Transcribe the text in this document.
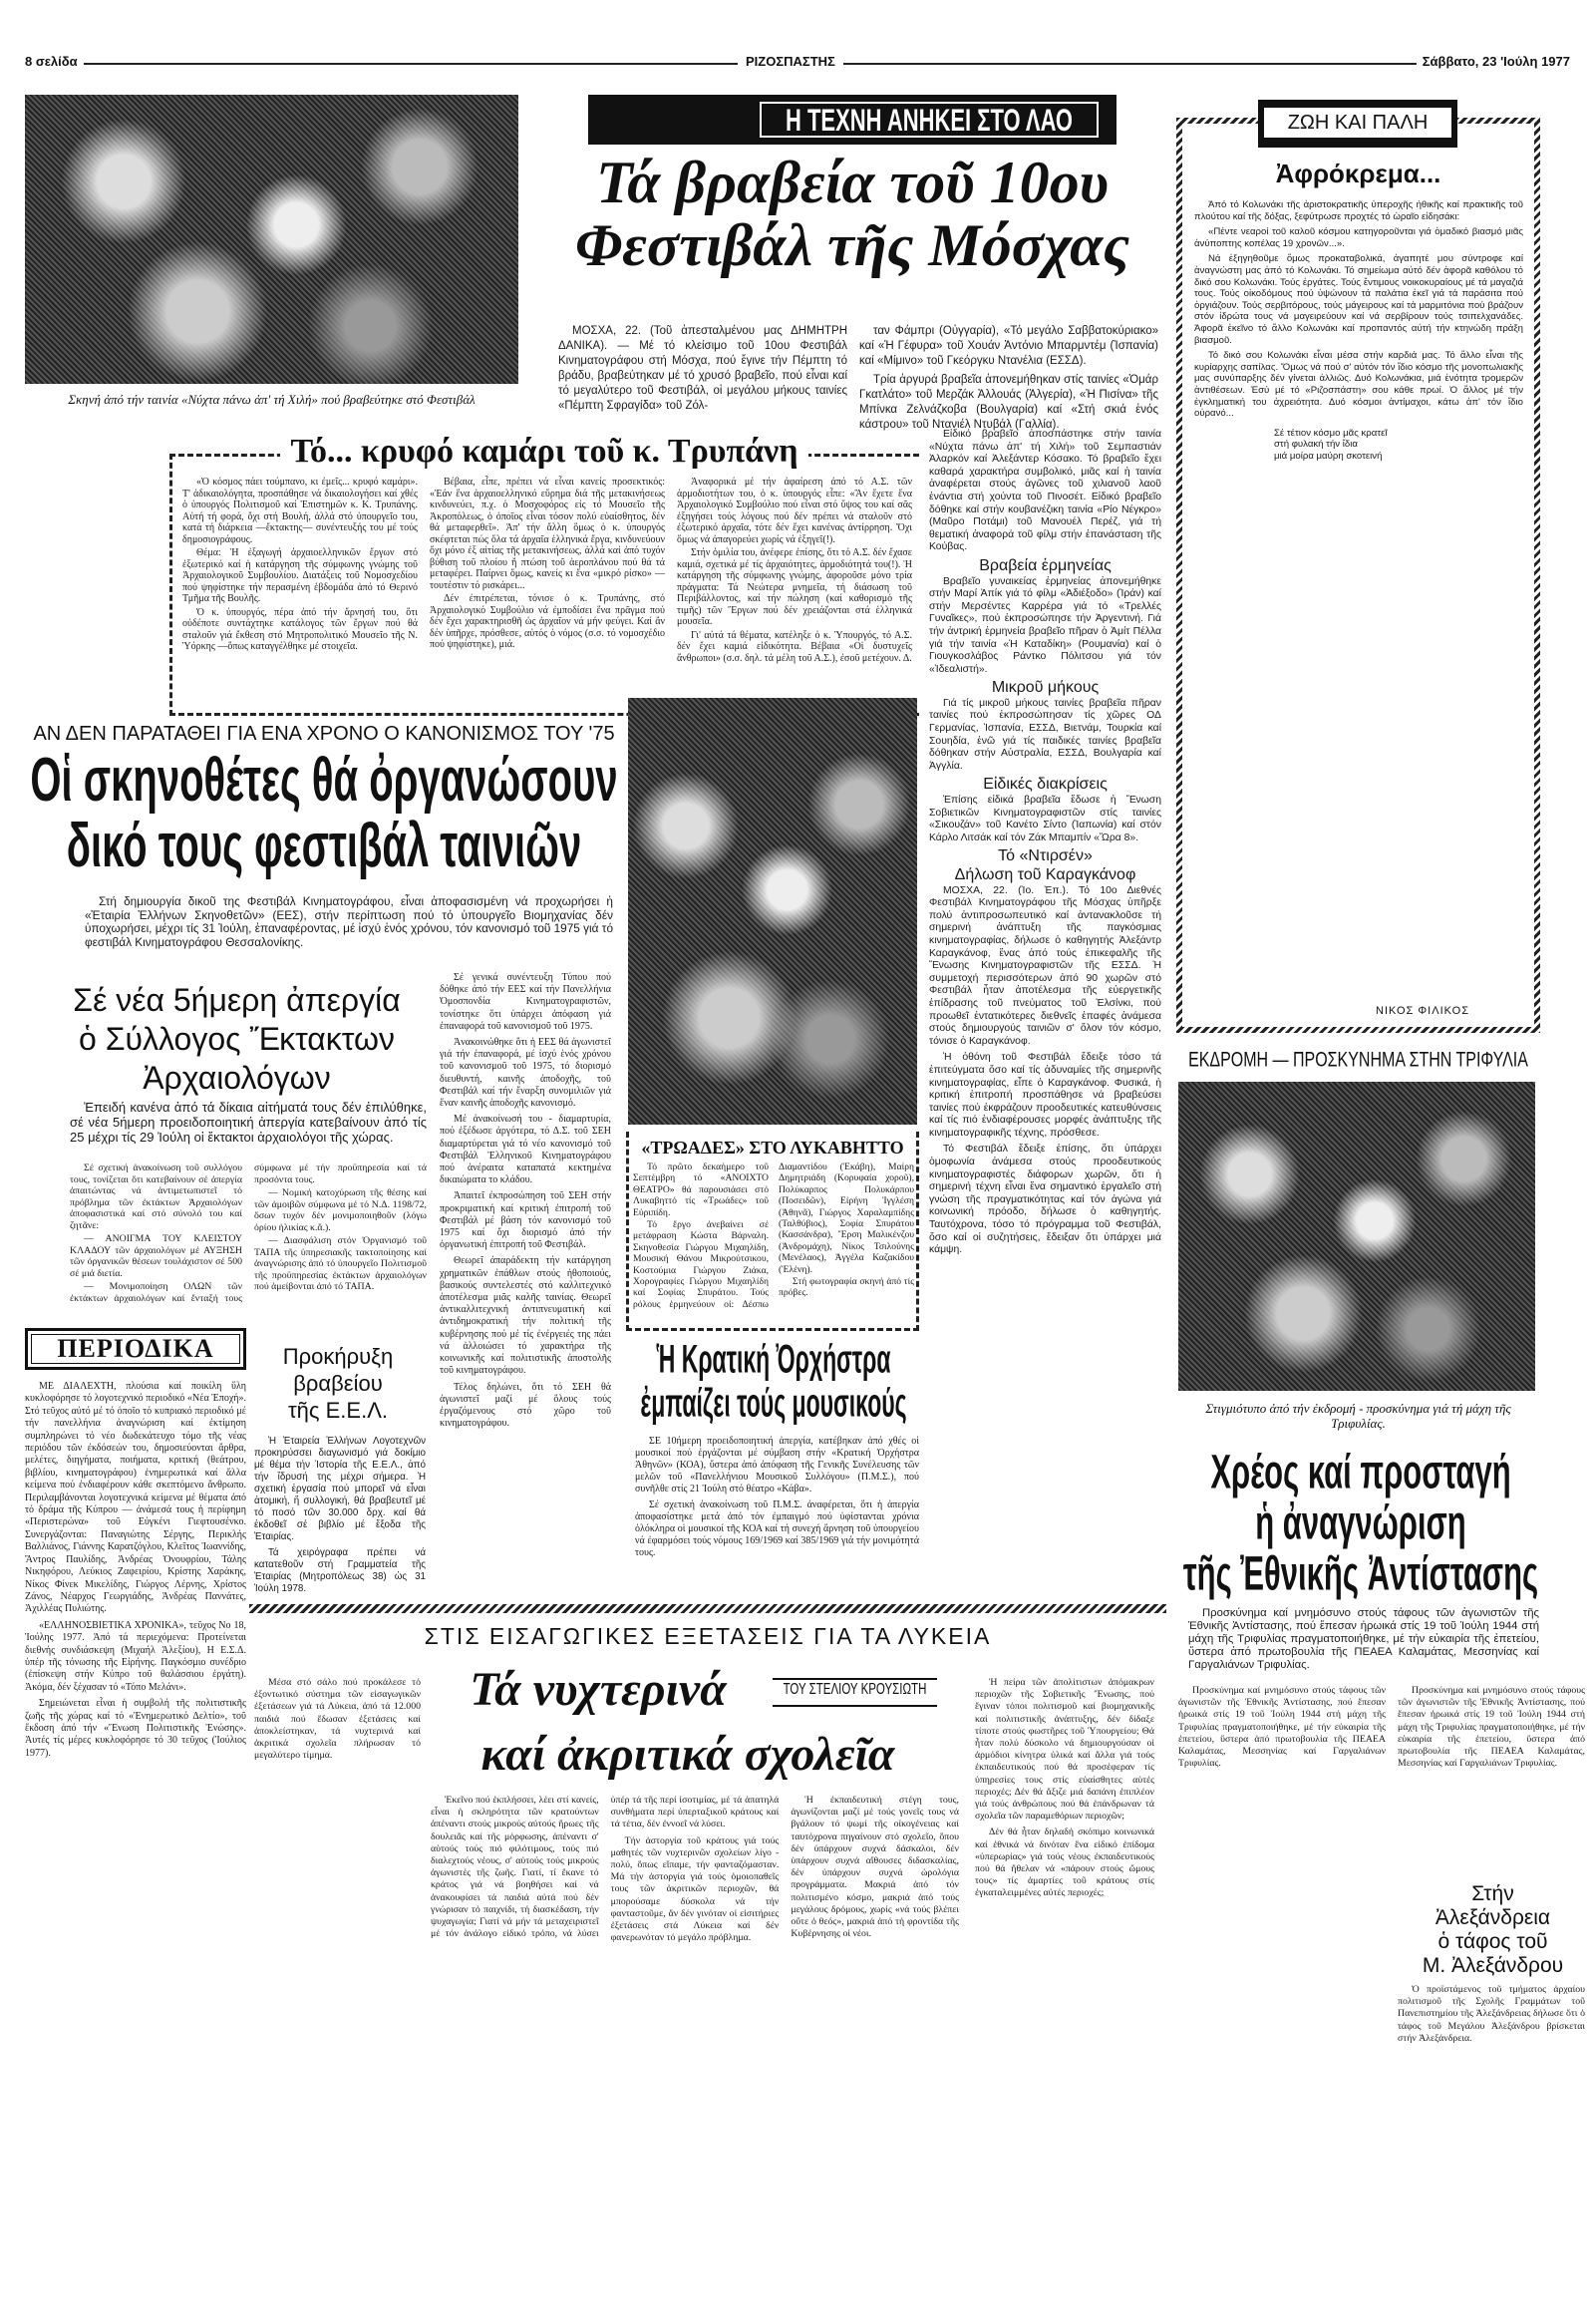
8 σελίδα	ΡΙΖΟΣΠΑΣΤΗΣ	Σάββατο, 23 'Ιούλη 1977
Σκηνή ἀπό τήν ταινία «Νύχτα πάνω ἀπ' τή Χιλή» πού βραβεύτηκε στό Φεστιβάλ
Η ΤΕΧΝΗ ΑΝΗΚΕΙ ΣΤΟ ΛΑΟ
Τά βραβεία τοῦ 10ου
Φεστιβάλ τῆς Μόσχας

ΜΟΣΧΑ, 22. (Τοῦ ἀπεσταλμένου μας ΔΗΜΗΤΡΗ ΔΑΝΙΚΑ). — Μέ τό κλείσιμο τοῦ 10ου Φεστιβάλ Κινηματογράφου στή Μόσχα, πού ἔγινε τήν Πέμπτη τό βράδυ, βραβεύτηκαν μέ τό χρυσό βραβεῖο, πού εἶναι καί τό μεγαλύτερο τοῦ Φεστιβάλ, οἱ μεγάλου μήκους ταινίες «Πέμπτη Σφραγίδα» τοῦ Ζόλ-

ταν Φάμπρι (Οὐγγαρία), «Τό μεγάλο Σαββατοκύριακο» καί «Ἡ Γέφυρα» τοῦ Χουάν Ἀντόνιο Μπαρμντέμ (Ἰσπανία) καί «Μίμινο» τοῦ Γκεόργκυ Ντανέλια (ΕΣΣΔ).

Τρία ἀργυρά βραβεῖα ἀπονεμήθηκαν στίς ταινίες «Ὀμάρ Γκατλάτο» τοῦ Μερζάκ Ἀλλουάς (Ἀλγερία), «Ἡ Πισίνα» τῆς Μπίνκα Ζελνάζκοβα (Βουλγαρία) καί «Στή σκιά ἑνός κάστρου» τοῦ Ντανιέλ Ντυβάλ (Γαλλία).

Εἰδικό βραβεῖο ἀποσπάστηκε στήν ταινία «Νύχτα πάνω ἀπ' τή Χιλή» τοῦ Σεμπαστιάν Ἀλαρκόν καί Ἀλεξάντερ Κόσακο. Τό βραβεῖο ἔχει καθαρά χαρακτήρα συμβολικό, μιᾶς καί ἡ ταινία ἀναφέρεται στούς ἀγῶνες τοῦ χιλιανοῦ λαοῦ ἐνάντια στή χούντα τοῦ Πινοσέτ. Εἰδικό βραβεῖο δόθηκε καί στήν κουβανέζικη ταινία «Ρίο Νέγκρο» (Μαῦρο Ποτάμι) τοῦ Μανουέλ Περέζ, γιά τή θεματική ἀναφορά τοῦ φίλμ στήν ἐπανάσταση τῆς Κούβας.

Βραβεία ἑρμηνείας

Βραβεῖο γυναικείας ἑρμηνείας ἀπονεμήθηκε στήν Μαρί Ἀπίκ γιά τό φίλμ «Ἀδιέξοδο» (Ἰράν) καί στήν Μερσέντες Καρρέρα γιά τό «Τρελλές Γυναῖκες», πού ἐκπροσώπησε τήν Ἀργεντινή. Γιά τήν ἀντρική ἑρμηνεία βραβεῖο πῆραν ὁ Ἀμίτ Πέλλα γιά τήν ταινία «Ἡ Καταδίκη» (Ρουμανία) καί ὁ Γιουγκοσλάβος Ράντκο Πόλιτσου γιά τόν «Ἰδεαλιστή».

Μικροῦ μήκους

Γιά τίς μικροῦ μήκους ταινίες βραβεῖα πῆραν ταινίες πού ἐκπροσώπησαν τίς χῶρες ΟΔ Γερμανίας, Ἰσπανία, ΕΣΣΔ, Βιετνάμ, Τουρκία καί Σουηδία, ἐνῶ γιά τίς παιδικές ταινίες βραβεῖα δόθηκαν στήν Αὐστραλία, ΕΣΣΔ, Βουλγαρία καί Ἀγγλία.

Εἰδικές διακρίσεις

Ἐπίσης εἰδικά βραβεῖα ἔδωσε ἡ Ἕνωση Σοβιετικῶν Κινηματογραφιστῶν στίς ταινίες «Σικουζάν» τοῦ Κανέτο Σίντο (Ἰαπωνία) καί στόν Κάρλο Λιτσάκ καί τόν Ζάκ Μπαμπίν «Ὥρα 8».

Τό «Ντιρσέν»
Δήλωση τοῦ Καραγκάνοφ

ΜΟΣΧΑ, 22. (Ἰο. Ἐπ.). Τό 10ο Διεθνές Φεστιβάλ Κινηματογράφου τῆς Μόσχας ὑπῆρξε πολύ ἀντιπροσωπευτικό καί ἀντανακλοῦσε τή σημερινή ἀνάπτυξη τῆς παγκόσμιας κινηματογραφίας, δήλωσε ὁ καθηγητής Ἀλεξάντρ Καραγκάνοφ, ἕνας ἀπό τούς ἐπικεφαλῆς τῆς Ἕνωσης Κινηματογραφιστῶν τῆς ΕΣΣΔ. Ἡ συμμετοχή περισσότερων ἀπό 90 χωρῶν στό Φεστιβάλ ἦταν ἀποτέλεσμα τῆς εὐεργετικῆς ἐπίδρασης τοῦ πνεύματος τοῦ Ἑλσίνκι, πού προωθεῖ ἐντατικότερες διεθνεῖς ἐπαφές ἀνάμεσα στούς δημιουργούς ταινιῶν σ' ὅλον τόν κόσμο, τόνισε ὁ Καραγκάνοφ.

Ἡ ὀθόνη τοῦ Φεστιβάλ ἔδειξε τόσο τά ἐπιτεύγματα ὅσο καί τίς ἀδυναμίες τῆς σημερινῆς κινηματογραφίας, εἶπε ὁ Καραγκάνοφ. Φυσικά, ἡ κριτική ἐπιτροπή προσπάθησε νά βραβεύσει ταινίες πού ἐκφράζουν προοδευτικές κατευθύνσεις καί τίς πιό ἐνδιαφέρουσες μορφές ἀνάπτυξης τῆς κινηματογραφικῆς τέχνης, πρόσθεσε.

Τό Φεστιβάλ ἔδειξε ἐπίσης, ὅτι ὑπάρχει ὁμοφωνία ἀνάμεσα στούς προοδευτικούς κινηματογραφιστές διάφορων χωρῶν, ὅτι ἡ σημερινή τέχνη εἶναι ἕνα σημαντικό ἐργαλεῖο στή γνώση τῆς πραγματικότητας καί τόν ἀγώνα γιά κοινωνική πρόοδο, δήλωσε ὁ καθηγητής. Ταυτόχρονα, τόσο τό πρόγραμμα τοῦ Φεστιβάλ, ὅσο καί οἱ συζητήσεις, ἔδειξαν ὅτι ὑπάρχει μιά κάμψη.

Τό... κρυφό καμάρι τοῦ κ. Τρυπάνη

«Ὁ κόσμος πάει τούμπανο, κι ἐμεῖς... κρυφό καμάρι». Τ' ἀδικαιολόγητα, προσπάθησε νά δικαιολογήσει καί χθές ὁ ὑπουργός Πολιτισμοῦ καί Ἐπιστημῶν κ. Κ. Τρυπάνης. Αὐτή τή φορά, ὄχι στή Βουλή, ἀλλά στό ὑπουργεῖο του, κατά τή διάρκεια —ἔκτακτης— συνέντευξής του μέ τούς δημοσιογράφους.

Θέμα: Ἡ ἐξαγωγή ἀρχαιοελληνικῶν ἔργων στό ἐξωτερικό καί ἡ κατάργηση τῆς σύμφωνης γνώμης τοῦ Ἀρχαιολογικοῦ Συμβουλίου. Διατάξεις τοῦ Νομοσχεδίου πού ψηφίστηκε τήν περασμένη ἑβδομάδα ἀπό τό Θερινό Τμῆμα τῆς Βουλῆς.

Ὁ κ. ὑπουργός, πέρα ἀπό τήν ἄρνησή του, ὅτι οὐδέποτε συντάχτηκε κατάλογος τῶν ἔργων πού θά σταλοῦν γιά ἔκθεση στό Μητροπολιτικό Μουσεῖο τῆς Ν. Ὑόρκης —ὅπως καταγγέλθηκε μέ στοιχεῖα.

Βέβαια, εἶπε, πρέπει νά εἶναι κανείς προσεκτικός: «Ἐάν ἕνα ἀρχαιοελληνικό εὕρημα διά τῆς μετακινήσεως κινδυνεύει, π.χ. ὁ Μοσχοφόρος εἰς τό Μουσεῖο τῆς Ἀκροπόλεως, ὁ ὁποῖος εἶναι τόσον πολύ εὐαίσθητος, δέν θά μεταφερθεῖ». Ἀπ' τήν ἄλλη ὅμως ὁ κ. ὑπουργός σκέφτεται πώς ὅλα τά ἀρχαῖα ἑλληνικά ἔργα, κινδυνεύουν ὄχι μόνο ἐξ αἰτίας τῆς μετακινήσεως, ἀλλά καί ἀπό τυχόν βύθιση τοῦ πλοίου ἤ πτώση τοῦ ἀεροπλάνου πού θά τά μεταφέρει. Παίρνει ὅμως, κανείς κι ἕνα «μικρό ρίσκο» — τουτέστιν τό ρισκάρει...

Δέν ἐπιτρέπεται, τόνισε ὁ κ. Τρυπάνης, στό Ἀρχαιολογικό Συμβούλιο νά ἐμποδίσει ἕνα πρᾶγμα πού δέν ἔχει χαρακτηρισθῆ ὡς ἀρχαῖον νά μήν φεύγει. Καί ἄν δέν ὑπῆρχε, πρόσθεσε, αὐτός ὁ νόμος (σ.σ. τό νομοσχέδιο πού ψηφίστηκε), μιά.

Ἀναφορικά μέ τήν ἀφαίρεση ἀπό τό Α.Σ. τῶν ἁρμοδιοτήτων του, ὁ κ. ὑπουργός εἶπε: «Ἄν ἔχετε ἕνα Ἀρχαιολογικό Συμβούλιο πού εἶναι στό ὕψος του καί σᾶς ἐξηγήσει τούς λόγους πού δέν πρέπει νά σταλοῦν στό ἐξωτερικό ἀρχαῖα, τότε δέν ἔχει κανένας ἀντίρρηση. Ὄχι ὅμως νά ἀπαγορεύει χωρίς νά ἐξηγεῖ(!).

Στήν ὁμιλία του, ἀνέφερε ἐπίσης, ὅτι τό Α.Σ. δέν ἔχασε καμιά, σχετικά μέ τίς ἀρχαιότητες, ἁρμοδιότητά του(!). Ἡ κατάργηση τῆς σύμφωνης γνώμης, ἀφοροῦσε μόνο τρία πράγματα: Τά Νεώτερα μνημεῖα, τή διάσωση τοῦ Περιβάλλοντος, καί τήν πώληση (καί καθορισμό τῆς τιμῆς) τῶν Ἔργων πού δέν χρειάζονται στά ἑλληνικά μουσεῖα.

Γι' αὐτά τά θέματα, κατέληξε ὁ κ. Ὑπουργός, τό Α.Σ. δέν ἔχει καμιά εἰδικότητα. Βέβαια «Οἱ δυστυχεῖς ἄνθρωποι» (σ.σ. δηλ. τά μέλη τοῦ Α.Σ.), ἐσοῦ μετέχουν. Δ.

ΑΝ ΔΕΝ ΠΑΡΑΤΑΘΕΙ ΓΙΑ ΕΝΑ ΧΡΟΝΟ Ο ΚΑΝΟΝΙΣΜΟΣ ΤΟΥ '75
Οἱ σκηνοθέτες θά ὀργανώσουν
δικό τους φεστιβάλ ταινιῶν

Στή δημιουργία δικοῦ της Φεστιβάλ Κινηματογράφου, εἶναι ἀποφασισμένη νά προχωρήσει ἡ «Ἑταιρία Ἑλλήνων Σκηνοθετῶν» (ΕΕΣ), στήν περίπτωση πού τό ὑπουργεῖο Βιομηχανίας δέν ὑποχωρήσει, μέχρι τίς 31 Ἰούλη, ἐπαναφέροντας, μέ ἰσχύ ἑνός χρόνου, τόν κανονισμό τοῦ 1975 γιά τό φεστιβάλ Κινηματογράφου Θεσσαλονίκης.

Σέ γενικά συνέντευξη Τύπου πού δόθηκε ἀπό τήν ΕΕΣ καί τήν Πανελλήνια Ὁμοσπονδία Κινηματογραφιστῶν, τονίστηκε ὅτι ὑπάρχει ἀπόφαση γιά ἐπαναφορά τοῦ κανονισμοῦ τοῦ 1975.

Ἀνακοινώθηκε ὅτι ἡ ΕΕΣ θά ἀγωνιστεῖ γιά τήν ἐπαναφορά, μέ ἰσχύ ἑνός χρόνου τοῦ κανονισμοῦ τοῦ 1975, τό διορισμό διευθυντή, καινῆς ἀποδοχῆς, τοῦ Φεστιβάλ καί τήν ἔναρξη συνομιλιῶν γιά ἕναν καινῆς ἀποδοχῆς κανονισμό.

Μέ ἀνακοίνωσή του - διαμαρτυρία, πού ἐξέδωσε ἀργότερα, τό Δ.Σ. τοῦ ΣΕΗ διαμαρτύρεται γιά τό νέο κανονισμό τοῦ Φεστιβάλ Ἑλληνικοῦ Κινηματογράφου πού ἀνέραιτα καταπατά κεκτημένα δικαιώματα το κλάδου.

Ἀπαιτεῖ ἐκπροσώπηση τοῦ ΣΕΗ στήν προκριματική καί κριτική ἐπιτροπή τοῦ Φεστιβάλ μέ βάση τόν κανονισμό τοῦ 1975 καί ὄχι διορισμό ἀπό τήν ὀργανωτική ἐπιτροπή τοῦ Φεστιβάλ.

Θεωρεῖ ἀπαράδεκτη τήν κατάργηση χρηματικῶν ἐπάθλων στούς ἠθοποιούς, βασικούς συντελεστές στό καλλιτεχνικό ἀποτέλεσμα μιᾶς καλῆς ταινίας. Θεωρεῖ ἀντικαλλιτεχνική ἀντιπνευματική καί ἀντιδημοκρατική τήν πολιτική τῆς κυβέρνησης πού μέ τίς ἐνέργειές της πάει νά ἀλλοιώσει τό χαρακτήρα τῆς κοινωνικῆς καί πολιτιστικῆς ἀποστολῆς τοῦ κινηματογράφου.

Τέλος δηλώνει, ὅτι τό ΣΕΗ θά ἀγωνιστεῖ μαζί μέ ὅλους τούς ἐργαζόμενους στό χῶρο τοῦ κινηματογράφου.

Σέ νέα 5ήμερη ἀπεργία
ὁ Σύλλογος Ἔκτακτων
Ἀρχαιολόγων

Ἐπειδή κανένα ἀπό τά δίκαια αἰτήματά τους δέν ἐπιλύθηκε, σέ νέα 5ήμερη προειδοποιητική ἀπεργία κατεβαίνουν ἀπό τίς 25 μέχρι τίς 29 Ἰούλη οἱ ἔκτακτοι ἀρχαιολόγοι τῆς χώρας.

Σέ σχετική ἀνακοίνωση τοῦ συλλόγου τους, τονίζεται ὅτι κατεβαίνουν σέ ἀπεργία ἀπαιτώντας νά ἀντιμετωπιστεῖ τό πρόβλημα τῶν ἐκτάκτων Ἀρχαιολόγων ἀποφασιστικά καί στό σύνολό του καί ζητᾶνε:

— ΑΝΟΙΓΜΑ ΤΟΥ ΚΛΕΙΣΤΟΥ ΚΛΑΔΟΥ τῶν ἀρχαιολόγων μέ ΑΥΞΗΣΗ τῶν ὀργανικῶν θέσεων τουλάχιστον σέ 500 σέ μιά διετία.

— Μονιμοποίηση ΟΛΩΝ τῶν ἐκτάκτων ἀρχαιολόγων καί ἔνταξή τους σύμφωνα μέ τήν προϋπηρεσία καί τά προσόντα τους.

— Νομική κατοχύρωση τῆς θέσης καί τῶν ἀμοιβῶν σύμφωνα μέ τό Ν.Δ. 1198/72, ὅσων τυχόν δέν μονιμοποιηθοῦν (λόγω ὁρίου ἡλικίας κ.ἄ.).

— Διασφάλιση στόν Ὀργανισμό τοῦ ΤΑΠΑ τῆς ὑπηρεσιακῆς τακτοποίησης καί ἀναγνώρισης ἀπό τό ὑπουργεῖο Πολιτισμοῦ τῆς προϋπηρεσίας ἐκτάκτων ἀρχαιολόγων πού ἀμείβονται ἀπό τό ΤΑΠΑ.

ΠΕΡΙΟΔΙΚΑ

ΜΕ ΔΙΑΛΕΧΤΗ, πλούσια καί ποικίλη ὕλη κυκλοφόρησε τό λογοτεχνικό περιοδικό «Νέα Ἐποχή». Στό τεῦχος αὐτό μέ τό ὁποῖο τό κυπριακό περιοδικό μέ τήν πανελλήνια ἀναγνώριση καί ἐκτίμηση συμπληρώνει τό νέο δωδεκάτευχο τόμο τῆς νέας περιόδου τῶν ἐκδόσεών του, δημοσιεύονται ἄρθρα, μελέτες, διηγήματα, ποιήματα, κριτική (θεάτρου, βιβλίου, κινηματογράφου) ἐνημερωτικά καί ἄλλα κείμενα πού ἐνδιαφέρουν κάθε σκεπτόμενο ἄνθρωπο. Περιλαμβάνονται λογοτεχνικά κείμενα μέ θέματα ἀπό τό δράμα τῆς Κύπρου — ἀνάμεσά τους ἡ περίφημη «Περιστερώνα» τοῦ Εὐγκένι Γιεφτουσένκο. Συνεργάζονται: Παναγιώτης Σέργης, Περικλής Βαλλιάνος, Γιάννης Καρατζόγλου, Κλεῖτος Ἰωαννίδης, Ἄντρος Παυλίδης, Ἀνδρέας Ὀνουφρίου, Τάλης Νικηφόρου, Λεύκιος Ζαφειρίου, Κρίστης Χαράκης, Νίκος Φίνεκ Μικελίδης, Γιώργος Λέρνης, Χρίστος Ζάνος, Νέαρχος Γεωργιάδης, Ἀνδρέας Παννάτες, Ἀχιλλέας Πυλιώτης.

«ΕΛΛΗΝΟΣΒΙΕΤΙΚΑ ΧΡΟΝΙΚΑ», τεῦχος Νο 18, Ἰούλης 1977. Ἀπό τά περιεχόμενα: Προτείνεται διεθνής συνδιάσκεψη (Μιχαήλ Ἀλεξίου), Η Ε.Σ.Δ. ὑπέρ τῆς τόνωσης τῆς Εἰρήνης. Παγκόσμιο συνέδριο (ἐπίσκεψη στήν Κύπρο τοῦ θαλάσσιου ἐργάτη). Ἀκόμα, δέν ξέχασαν τό «Τόπο Μελάνι».

Σημειώνεται εἶναι ἡ συμβολή τῆς πολιτιστικῆς ζωῆς τῆς χώρας καί τό «Ἐνημερωτικό Δελτίο», τοῦ ἔκδοση ἀπό τήν «Ἕνωση Πολιτιστικῆς Ἐνώσης». Ἀυτές τίς μέρες κυκλοφόρησε τό 30 τεῦχος (Ἰούλιος 1977).

Προκήρυξη
βραβείου
τῆς Ε.Ε.Λ.

Ἡ Ἑταιρεία Ἑλλήνων Λογοτεχνῶν προκηρύσσει διαγωνισμό γιά δοκίμιο μέ θέμα τήν Ἱστορία τῆς Ε.Ε.Λ., ἀπό τήν ἵδρυσή της μέχρι σήμερα. Ἡ σχετική ἐργασία πού μπορεῖ νά εἶναι ἀτομική, ἤ συλλογική, θά βραβευτεῖ μέ τό ποσό τῶν 30.000 δρχ. καί θά ἐκδοθεῖ σέ βιβλίο μέ ἔξοδα τῆς Ἑταιρίας.

Τά χειρόγραφα πρέπει νά κατατεθοῦν στή Γραμματεία τῆς Ἑταιρίας (Μητροπόλεως 38) ὡς 31 Ἰούλη 1978.

«ΤΡΩΑΔΕΣ» ΣΤΟ ΛΥΚΑΒΗΤΤΟ

Τό πρῶτο δεκαήμερο τοῦ Σεπτέμβρη τό «ΑΝΟΙΧΤΟ ΘΕΑΤΡΟ» θά παρουσιάσει στό Λυκαβηττό τίς «Τρωάδες» τοῦ Εὐριπίδη.

Τό ἔργο ἀνεβαίνει σέ μετάφραση Κώστα Βάρναλη. Σκηνοθεσία Γιώργου Μιχαηλίδη, Μουσική Θάνου Μικρούτσικου, Κοστούμια Γιώργου Ζιάκα, Χορογραφίες Γιώργου Μιχαηλίδη καί Σοφίας Σπυράτου. Τούς ρόλους ἑρμηνεύουν οἱ: Δέσπω Διαμαντίδου (Ἑκάβη), Μαίρη Δημητριάδη (Κορυφαία χοροῦ), Πολύκαρπος Πολυκάρπου (Ποσειδῶν), Εἰρήνη Ἰγγλέση (Ἀθηνᾶ), Γιώργος Χαραλαμπίδης (Ταλθύβιος), Σοφία Σπυράτου (Κασσάνδρα), Ἔρση Μαλικένζου (Ἀνδρομάχη), Νίκος Τσιλούνης (Μενέλαος), Ἀγγέλα Καζακίδου (Ἑλένη).

Στή φωτογραφία σκηνή ἀπό τίς πρόβες.

Ἡ Κρατική Ὀρχήστρα
ἐμπαίζει τούς μουσικούς

ΣΕ 10ήμερη προειδοποιητική ἀπεργία, κατέβηκαν ἀπό χθές οἱ μουσικοί πού ἐργάζονται μέ σύμβαση στήν «Κρατική Ὀρχήστρα Ἀθηνῶν» (ΚΟΑ), ὕστερα ἀπό ἀπόφαση τῆς Γενικῆς Συνέλευσης τῶν μελῶν τοῦ «Πανελλήνιου Μουσικοῦ Συλλόγου» (Π.Μ.Σ.), πού συνῆλθε στίς 21 Ἰούλη στό θέατρο «Κάβα».

Σέ σχετική ἀνακοίνωση τοῦ Π.Μ.Σ. ἀναφέρεται, ὅτι ἡ ἀπεργία ἀποφασίστηκε μετά ἀπό τόν ἐμπαιγμό πού ὑφίστανται χρόνια ὁλόκληρα οἱ μουσικοί τῆς ΚΟΑ καί τή συνεχή ἄρνηση τοῦ ὑπουργείου νά ἐφαρμόσει τούς νόμους 169/1969 καί 385/1969 γιά τήν μονιμότητά τους.

ΖΩΗ ΚΑΙ ΠΑΛΗ
Ἀφρόκρεμα...

Ἀπό τό Κολωνάκι τῆς ἀριστοκρατικῆς ὑπεροχῆς ἠθικῆς καί πρακτικῆς τοῦ πλούτου καί τῆς δόξας, ξεφύτρωσε προχτές τό ὡραῖο εἰδησάκι:

«Πέντε νεαροί τοῦ καλοῦ κόσμου κατηγοροῦνται γιά ὁμαδικό βιασμό μιᾶς ἀνύποπτης κοπέλας 19 χρονῶν...».

Νά ἐξηγηθοῦμε ὅμως προκαταβολικά, ἀγαπητέ μου σύντροφε καί ἀναγνώστη μας ἀπό τό Κολωνάκι. Τό σημείωμα αὐτό δέν ἀφορᾶ καθόλου τό δικό σου Κολωνάκι. Τούς ἐργάτες. Τούς ἔντιμους νοικοκυραίους μέ τά μαγαζιά τους. Τούς οἰκοδόμους πού ὑψώνουν τά παλάτια ἐκεῖ γιά τά παράσιτα πού ὀργιάζουν. Τούς σερβιτόρους, τούς μάγειρους καί τά μαρμιτόνια πού βράζουν στόν ἱδρώτα τους νά μαγειρεύουν καί νά σερβίρουν τούς τσιπελχανάδες. Ἀφορᾶ ἐκεῖνο τό ἄλλο Κολωνάκι καί προπαντός αὐτή τήν κτηνώδη πράξη βιασμοῦ.

Τό δικό σου Κολωνάκι εἶναι μέσα στήν καρδιά μας. Τό ἄλλο εἶναι τῆς κυρίαρχης σαπίλας. Ὅμως νά πού σ' αὐτόν τόν ἴδιο κόσμο τῆς μονοπωλιακῆς μας συνύπαρξης δέν γίνεται ἀλλιῶς. Δυό Κολωνάκια, μιά ἑνότητα τρομερῶν ἀντιθέσεων. Ἐσύ μέ τό «Ριζοσπάστη» σου κάθε πρωί. Ὁ ἄλλος μέ τήν ἐγκληματική του ἀχρειότητα. Δυό κόσμοι ἀντίμαχοι, κάτω ἀπ' τόν ἴδιο οὐρανό...

Σέ τέτιον κόσμο μᾶς κρατεῖ
στή φυλακή τήν ἴδια
μιά μοίρα μαύρη σκοτεινή
ΝΙΚΟΣ ΦΙΛΙΚΟΣ
ΕΚΔΡΟΜΗ — ΠΡΟΣΚΥΝΗΜΑ ΣΤΗΝ ΤΡΙΦΥΛΙΑ
Στιγμιότυπο ἀπό τήν ἐκδρομή - προσκύνημα γιά τή μάχη τῆς Τριφυλίας.
Χρέος καί προσταγή
ἡ ἀναγνώριση
τῆς Ἐθνικῆς Ἀντίστασης

Προσκύνημα καί μνημόσυνο στούς τάφους τῶν ἀγωνιστῶν τῆς Ἐθνικῆς Ἀντίστασης, πού ἔπεσαν ἡρωικά στίς 19 τοῦ Ἰούλη 1944 στή μάχη τῆς Τριφυλίας πραγματοποιήθηκε, μέ τήν εὐκαιρία τῆς ἐπετείου, ὕστερα ἀπό πρωτοβουλία τῆς ΠΕΑΕΑ Καλαμάτας, Μεσσηνίας καί Γαργαλιάνων Τριφυλίας.

Προσκύνημα καί μνημόσυνο στούς τάφους τῶν ἀγωνιστῶν τῆς Ἐθνικῆς Ἀντίστασης, πού ἔπεσαν ἡρωικά στίς 19 τοῦ Ἰούλη 1944 στή μάχη τῆς Τριφυλίας πραγματοποιήθηκε, μέ τήν εὐκαιρία τῆς ἐπετείου, ὕστερα ἀπό πρωτοβουλία τῆς ΠΕΑΕΑ Καλαμάτας, Μεσσηνίας καί Γαργαλιάνων Τριφυλίας.

Προσκύνημα καί μνημόσυνο στούς τάφους τῶν ἀγωνιστῶν τῆς Ἐθνικῆς Ἀντίστασης, πού ἔπεσαν ἡρωικά στίς 19 τοῦ Ἰούλη 1944 στή μάχη τῆς Τριφυλίας πραγματοποιήθηκε, μέ τήν εὐκαιρία τῆς ἐπετείου, ὕστερα ἀπό πρωτοβουλία τῆς ΠΕΑΕΑ Καλαμάτας, Μεσσηνίας καί Γαργαλιάνων Τριφυλίας.

Στήν
Ἀλεξάνδρεια
ὁ τάφος τοῦ
Μ. Ἀλεξάνδρου

Ὁ προϊστάμενος τοῦ τμήματος ἀρχαίου πολιτισμοῦ τῆς Σχολῆς Γραμμάτων τοῦ Πανεπιστημίου τῆς Ἀλεξάνδρειας δήλωσε ὅτι ὁ τάφος τοῦ Μεγάλου Ἀλεξάνδρου βρίσκεται στήν Ἀλεξάνδρεια.

ΣΤΙΣ ΕΙΣΑΓΩΓΙΚΕΣ ΕΞΕΤΑΣΕΙΣ ΓΙΑ ΤΑ ΛΥΚΕΙΑ
Τά νυχτερινά	ΤΟΥ ΣΤΕΛΙΟΥ ΚΡΟΥΣΙΩΤΗ
καί ἀκριτικά σχολεῖα

Μέσα στό σάλο πού προκάλεσε τό ἐξοντωτικό σύστημα τῶν εἰσαγωγικῶν ἐξετάσεων γιά τά Λύκεια, ἀπό τά 12.000 παιδιά πού ἔδωσαν ἐξετάσεις καί ἀποκλείστηκαν, τά νυχτερινά καί ἀκριτικά σχολεῖα πλήρωσαν τό μεγαλύτερο τίμημα.

Ἐκεῖνο πού ἐκπλήσσει, λέει στί κανείς, εἶναι ἡ σκληρότητα τῶν κρατούντων ἀπέναντι στούς μικρούς αὐτούς ἥρωες τῆς δουλειᾶς καί τῆς μόρφωσης, ἀπέναντι σ' αὐτούς τούς πιό φιλότιμους, τούς πιό διαλεχτούς νέους, σ' αὐτούς τούς μικρούς ἀγωνιστές τῆς ζωῆς. Γιατί, τί ἔκανε τό κράτος γιά νά βοηθήσει καί νά ἀνακουφίσει τά παιδιά αὐτά πού δέν γνώρισαν τό παιχνίδι, τή διασκέδαση, τήν ψυχαγωγία; Γιατί νά μήν τά μεταχειριστεῖ μέ τόν ἀνάλογο εἰδικό τρόπο, νά λύσει ὑπέρ τά τῆς περί ἰσοτιμίας, μέ τά ἀπατηλά συνθήματα περί ὑπερταξικοῦ κράτους καί τά τέτια, δέν ἐννοεῖ νά λύσει.

Τήν ἀστοργία τοῦ κράτους γιά τούς μαθητές τῶν νυχτερινῶν σχολείων λίγο - πολύ, ὅπως εἴπαμε, τήν φανταζόμασταν. Μά τήν ἀστοργία γιά τούς ὁμοιοπαθεῖς τους τῶν ἀκριτικῶν περιοχῶν, θά μπορούσαμε δύσκολα νά τήν φανταστοῦμε, ἄν δέν γινόταν οἱ εἰσιτήριες ἐξετάσεις στά Λύκεια καί δέν φανερωνόταν τό μεγάλο πρόβλημα.

Ἡ ἐκπαιδευτική στέγη τους, ἀγωνίζονται μαζί μέ τούς γονεῖς τους νά βγάλουν τό ψωμί τῆς οἰκογένειας καί ταυτόχρονα πηγαίνουν στό σχολεῖο, ὅπου δέν ὑπάρχουν συχνά δάσκαλοι, δέν ὑπάρχουν συχνά αἴθουσες διδασκαλίας, δέν ὑπάρχουν συχνά ὡρολόγια προγράμματα. Μακριά ἀπό τόν πολιτισμένο κόσμο, μακριά ἀπό τούς μεγάλους δρόμους, χωρίς «νά τούς βλέπει οὔτε ὁ θεός», μακριά ἀπό τή φροντίδα τῆς Κυβέρνησης οἱ νέοι.

Ἡ πείρα τῶν ἀπολίτιστων ἀπόμακρων περιοχῶν τῆς Σοβιετικῆς Ἕνωσης, πού ἔγιναν τόποι πολιτισμοῦ καί βιομηχανικῆς καί πολιτιστικῆς ἀνάπτυξης, δέν δίδαξε τίποτε στούς φωστῆρες τοῦ Ὑπουργείου; Θά ἦταν πολύ δύσκολο νά δημιουργούσαν οἱ ἁρμόδιοι κίνητρα ὑλικά καί ἄλλα γιά τούς ἐκπαιδευτικούς πού θά προσέφεραν τίς ὑπηρεσίες τους στίς εὐαίσθητες αὐτές περιοχές; Δέν θά ἄξιζε μιά δαπάνη ἐπιπλέον γιά τούς ἀνθρώπους πού θά ἐπάνδρωναν τά σχολεῖα τῶν παραμεθόριων περιοχῶν;

Δέν θά ἦταν δηλαδή σκόπιμο κοινωνικά καί ἐθνικά νά δινόταν ἕνα εἰδικό ἐπίδομα «ὑπερωρίας» γιά τούς νέους ἐκπαιδευτικούς πού θά ἤθελαν νά «πάρουν στούς ὤμους τους» τίς ἁμαρτίες τοῦ κράτους στίς ἐγκαταλειμμένες αὐτές περιοχές;
